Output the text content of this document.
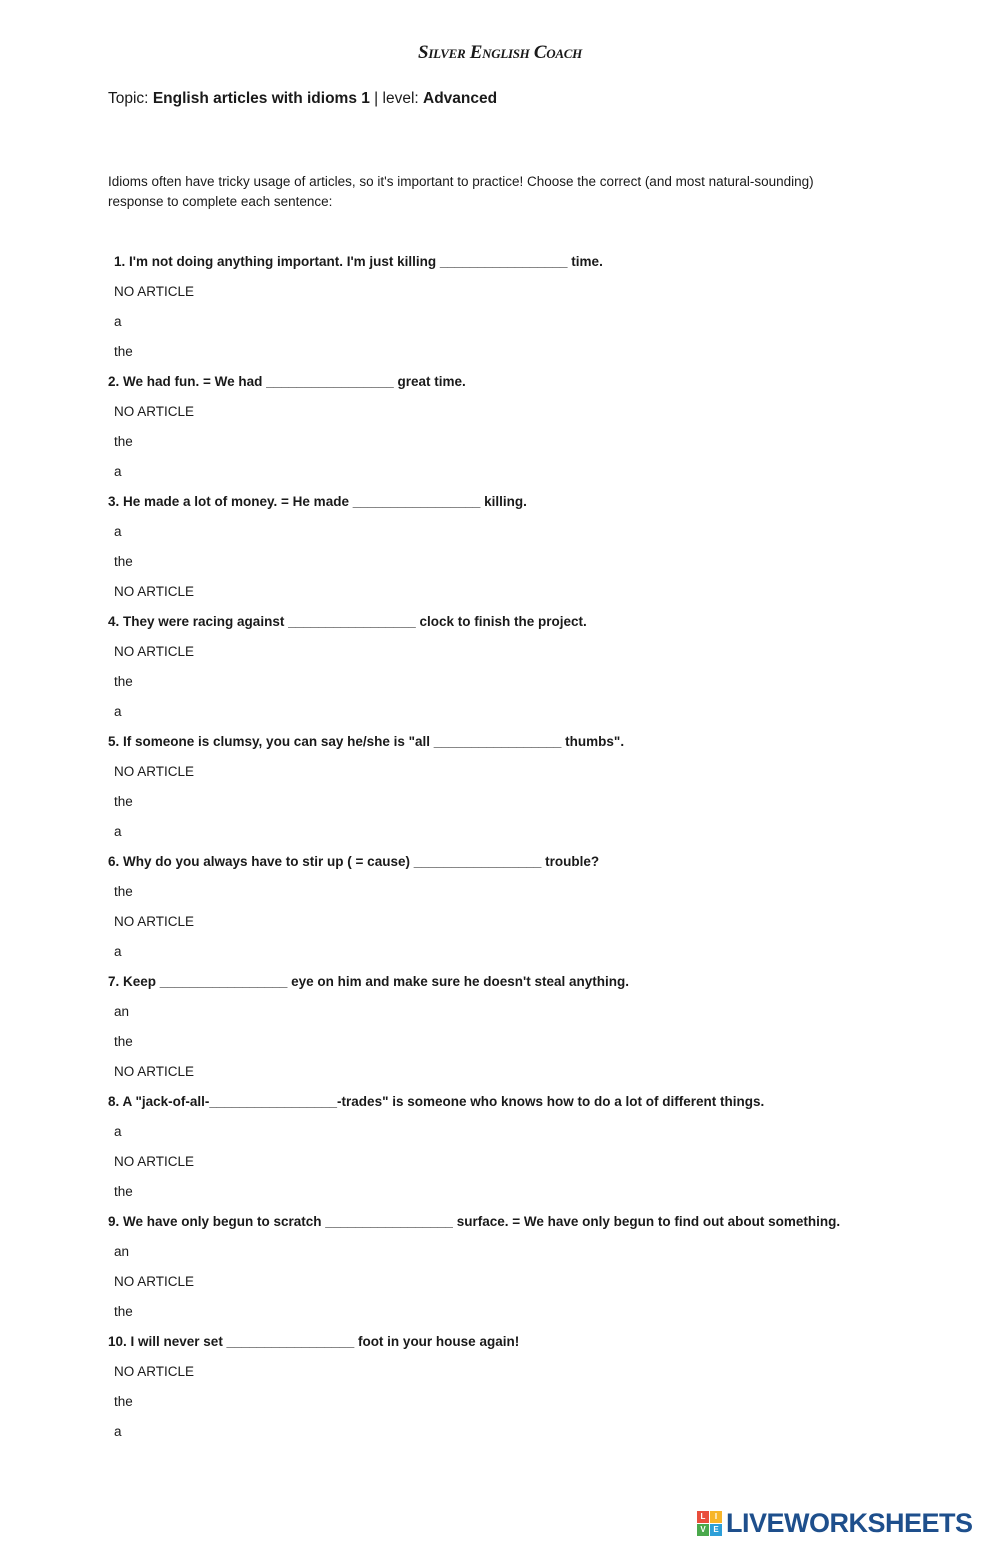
Silver English Coach
Topic: English articles with idioms 1 | level: Advanced
Idioms often have tricky usage of articles, so it's important to practice! Choose the correct (and most natural-sounding) response to complete each sentence:
1. I'm not doing anything important. I'm just killing _________________ time.
NO ARTICLE
a
the
2. We had fun. = We had _________________ great time.
NO ARTICLE
the
a
3. He made a lot of money. = He made _________________ killing.
a
the
NO ARTICLE
4. They were racing against _________________ clock to finish the project.
NO ARTICLE
the
a
5. If someone is clumsy, you can say he/she is "all _________________ thumbs".
NO ARTICLE
the
a
6. Why do you always have to stir up ( = cause) _________________ trouble?
the
NO ARTICLE
a
7. Keep _________________ eye on him and make sure he doesn't steal anything.
an
the
NO ARTICLE
8. A "jack-of-all-_________________-trades" is someone who knows how to do a lot of different things.
a
NO ARTICLE
the
9. We have only begun to scratch _________________ surface. = We have only begun to find out about something.
an
NO ARTICLE
the
10. I will never set _________________ foot in your house again!
NO ARTICLE
the
a
L	I
V E LIVEWORKSHEETS
